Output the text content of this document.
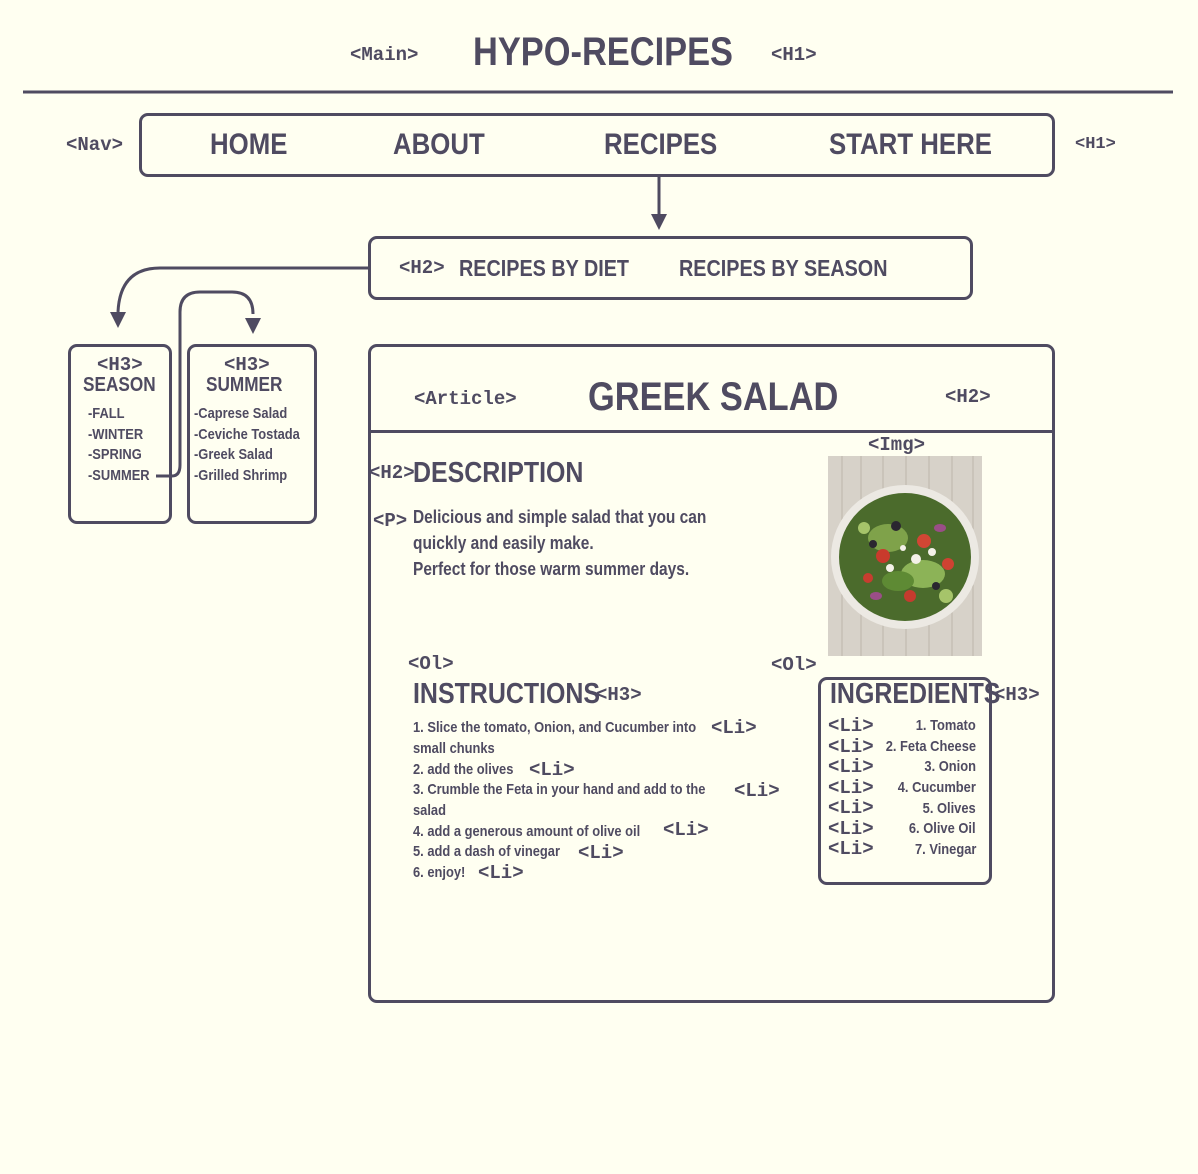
<Main> HYPO-RECIPES	<H1>
<Nav>	HOME	ABOUT	RECIPES	START HERE	<H1>
<H2> RECIPES BY DIET	RECIPES BY SEASON
<H3>
SEASON
-FALL
-WINTER
-SPRING
-SUMMER
<H3>
SUMMER
-Caprese Salad
-Ceviche Tostada
-Greek Salad
-Grilled Shrimp
<Article> GREEK SALAD	<H2>
<Img>
<H2>
DESCRIPTION
<P> Delicious and simple salad that you can
quickly and easily make.
Perfect for those warm summer days.
<Ol>
INSTRUCTIONS
<H3>
1. Slice the tomato, Onion, and Cucumber into <Li>
small chunks
2. add the olives <Li>
3. Crumble the Feta in your hand and add to the	<Li>
salad
4. add a generous amount of olive oil	<Li>
5. add a dash of vinegar <Li>
6. enjoy! <Li>
<Ol>
INGREDIENTS
<H3>
<Li>
<Li>
<Li>
<Li>
<Li>
<Li>
<Li>
1. Tomato
2. Feta Cheese
3. Onion
4. Cucumber
5. Olives
6. Olive Oil
7. Vinegar
